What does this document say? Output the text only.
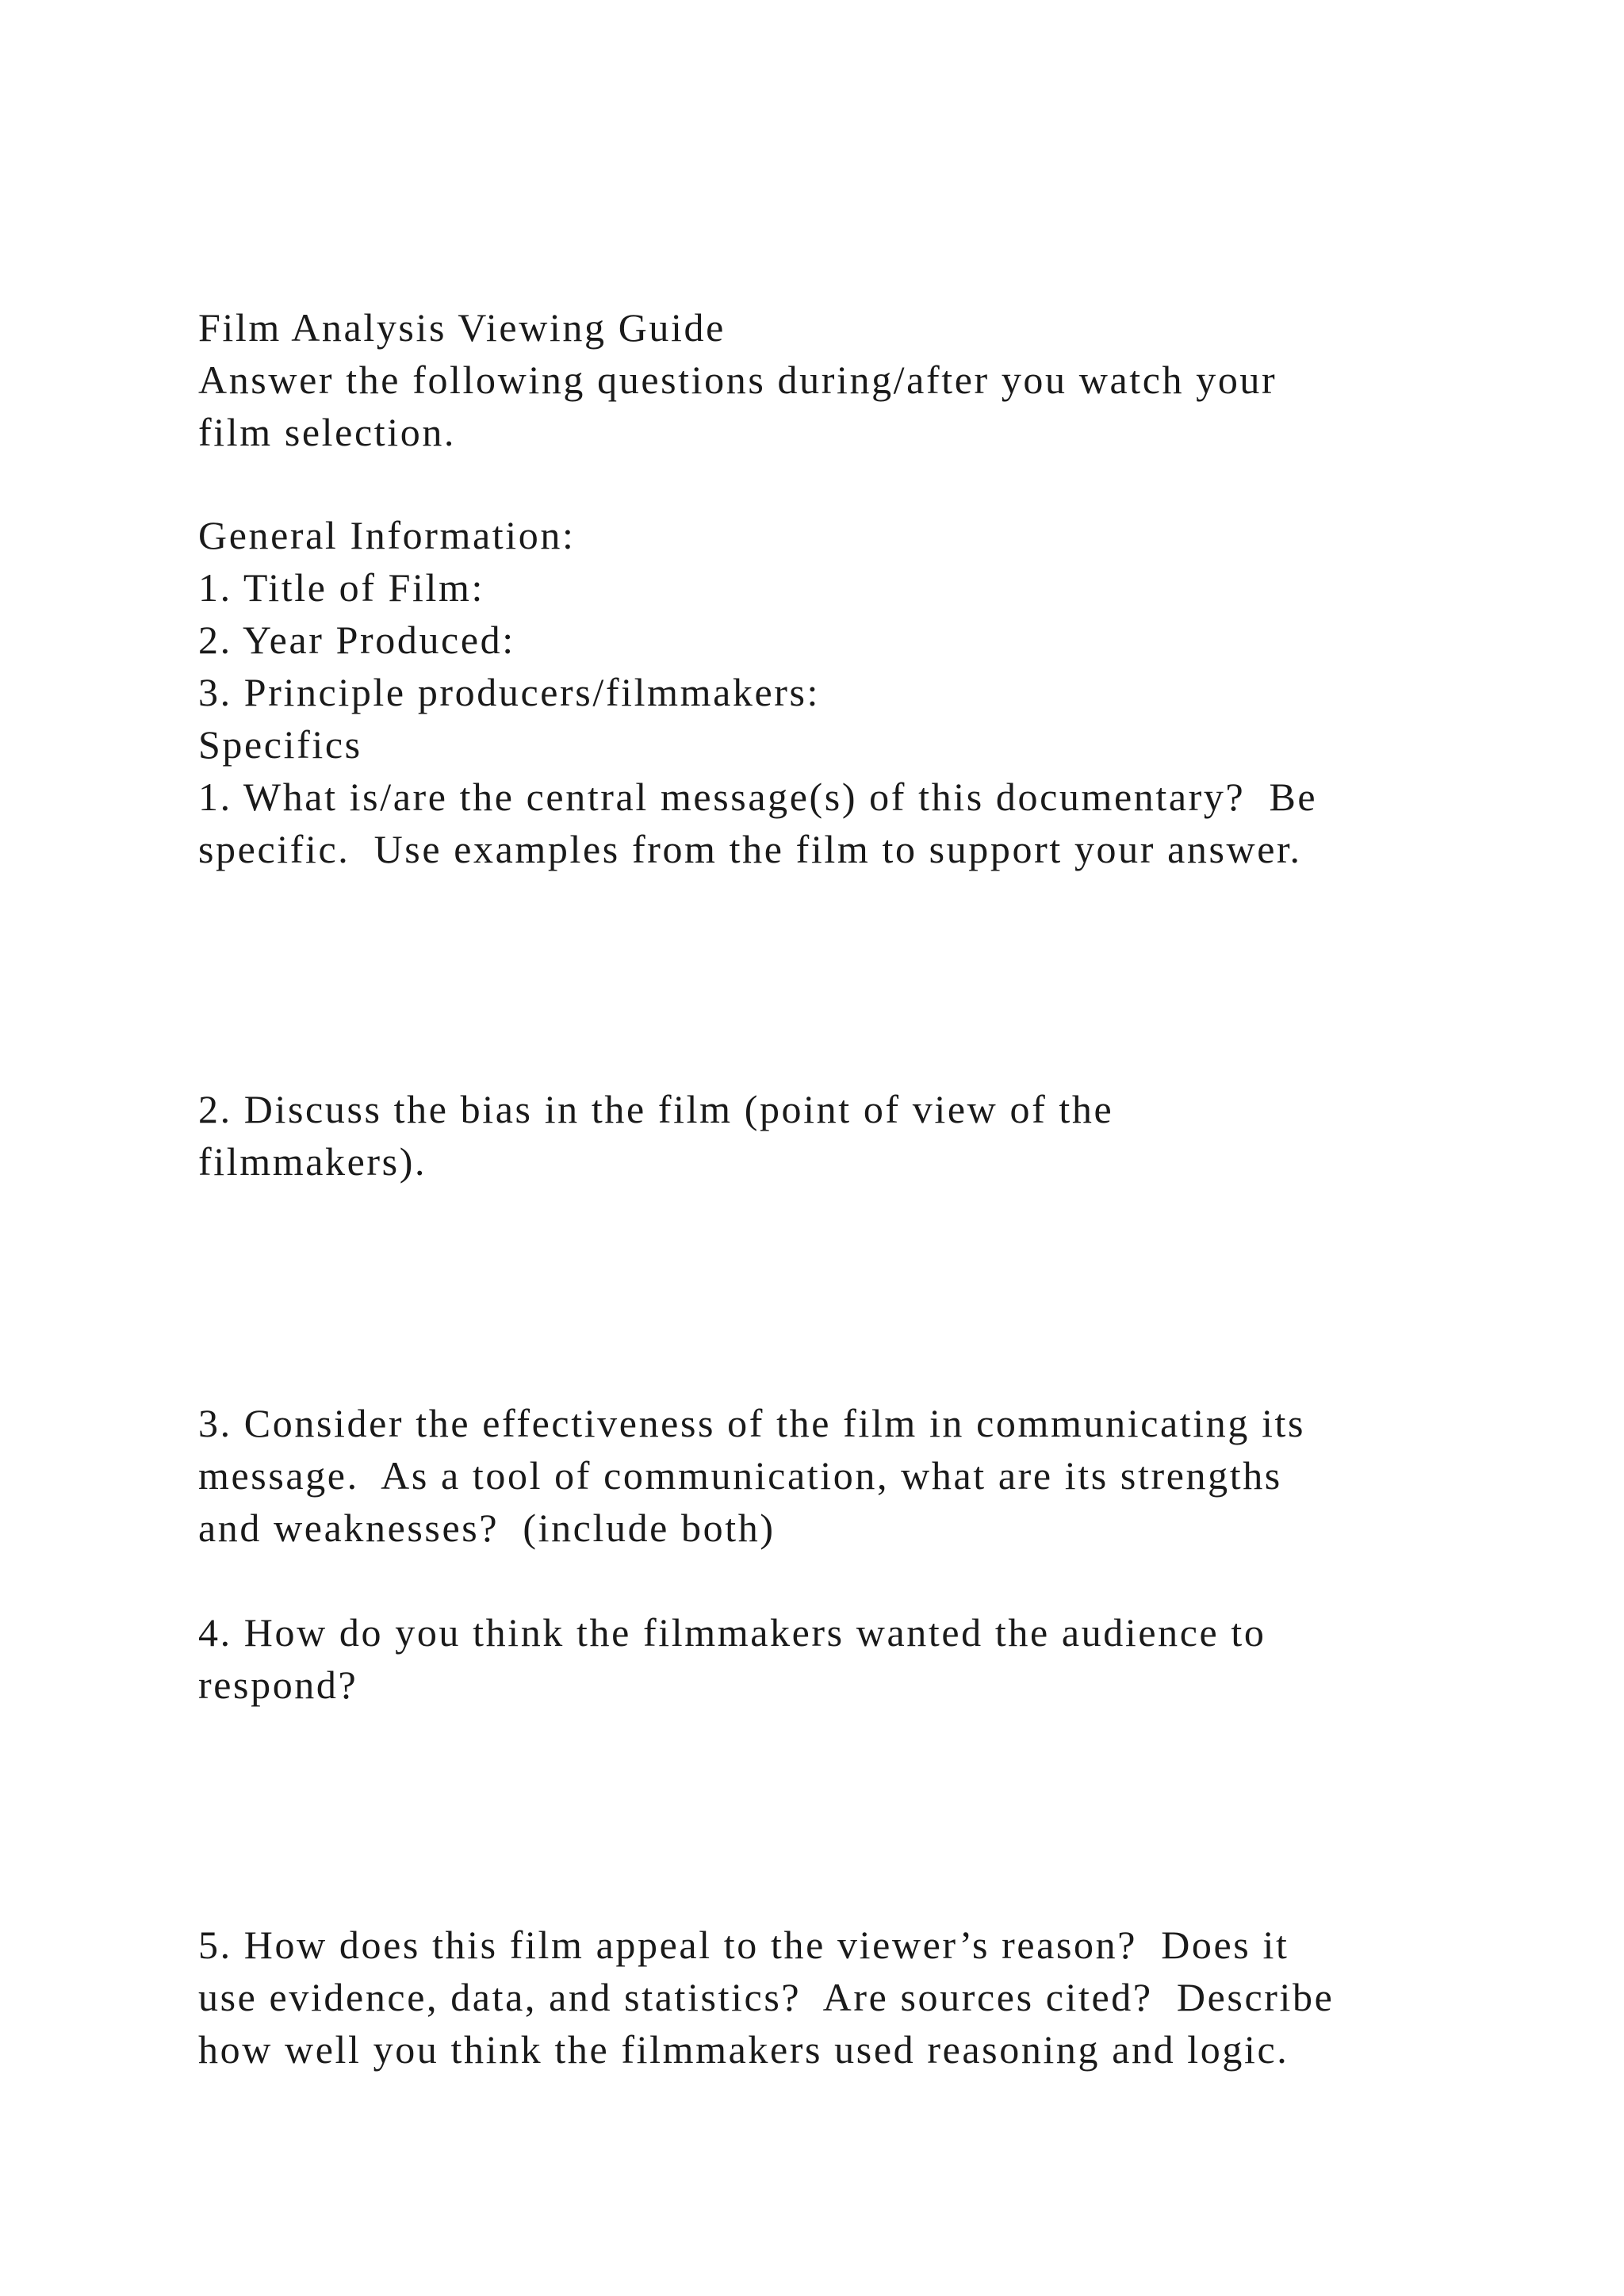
Film Analysis Viewing Guide
Answer the following questions during/after you watch your
film selection.
General Information:
1. Title of Film:
2. Year Produced:
3. Principle producers/filmmakers:
Specifics
1. What is/are the central message(s) of this documentary?  Be
specific.  Use examples from the film to support your answer.
2. Discuss the bias in the film (point of view of the
filmmakers).
3. Consider the effectiveness of the film in communicating its
message.  As a tool of communication, what are its strengths
and weaknesses?  (include both)
4. How do you think the filmmakers wanted the audience to
respond?
5. How does this film appeal to the viewer’s reason?  Does it
use evidence, data, and statistics?  Are sources cited?  Describe
how well you think the filmmakers used reasoning and logic.
